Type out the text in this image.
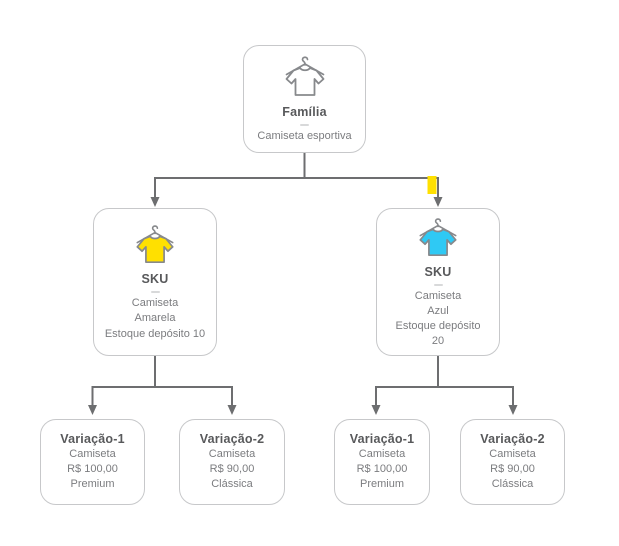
Família
Camiseta esportiva
SKU
Camiseta
Amarela
Estoque depósito 10
SKU
Camiseta
Azul
Estoque depósito
20
Variação-1
Camiseta
R$ 100,00
Premium
Variação-2
Camiseta
R$ 90,00
Clássica
Variação-1
Camiseta
R$ 100,00
Premium
Variação-2
Camiseta
R$ 90,00
Clássica
